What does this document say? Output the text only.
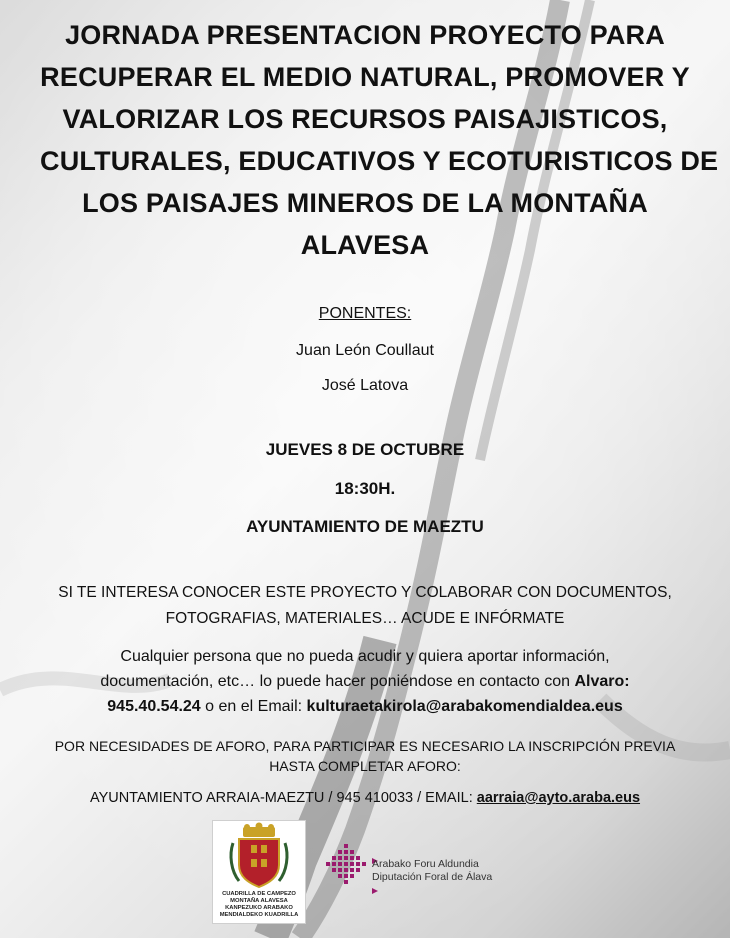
JORNADA PRESENTACION PROYECTO PARA
RECUPERAR EL MEDIO NATURAL, PROMOVER Y
VALORIZAR LOS RECURSOS PAISAJISTICOS,
CULTURALES, EDUCATIVOS Y ECOTURISTICOS DE
LOS PAISAJES MINEROS DE LA MONTAÑA
ALAVESA
PONENTES:
Juan León Coullaut
José Latova
JUEVES 8 DE OCTUBRE
18:30H.
AYUNTAMIENTO DE MAEZTU
SI TE INTERESA CONOCER ESTE PROYECTO Y COLABORAR CON DOCUMENTOS,
FOTOGRAFIAS, MATERIALES… ACUDE E INFÓRMATE
Cualquier persona que no pueda acudir y quiera aportar información,
documentación, etc… lo puede hacer poniéndose en contacto con Alvaro:
945.40.54.24 o en el Email: kulturaetakirola@arabakomendialdea.eus
POR NECESIDADES DE AFORO, PARA PARTICIPAR ES NECESARIO LA INSCRIPCIÓN PREVIA
HASTA COMPLETAR AFORO:
AYUNTAMIENTO ARRAIA-MAEZTU / 945 410033 / EMAIL: aarraia@ayto.araba.eus
CUADRILLA DE CAMPEZO
MONTAÑA ALAVESA
KANPEZUKO ARABAKO
MENDIALDEKO KUADRILLA
Arabako Foru Aldundia
Diputación Foral de Álava
